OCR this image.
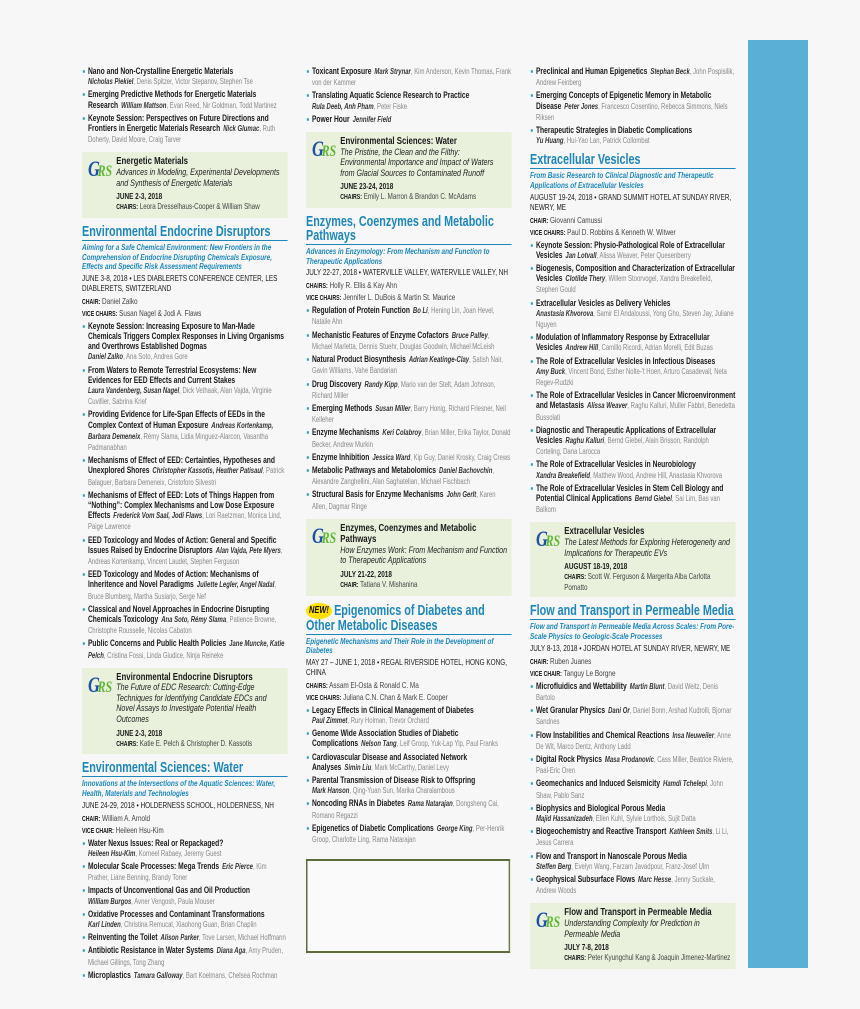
Nano and Non-Crystalline Energetic Materials
Nicholas Piekiel, Denis Spitzer, Victor Stepanov, Stephen Tse
Emerging Predictive Methods for Energetic Materials Research William Mattson, Evan Reed, Nir Goldman, Todd Martinez
Keynote Session: Perspectives on Future Directions and Frontiers in Energetic Materials Research Nick Glumac, Ruth Doherty, David Moore, Craig Tarver
GRS
Energetic Materials
Advances in Modeling, Experimental Developments and Synthesis of Energetic Materials
JUNE 2-3, 2018
CHAIRS: Leora Dresselhaus-Cooper & William Shaw
Environmental Endocrine Disruptors
Aiming for a Safe Chemical Environment: New Frontiers in the Comprehension of Endocrine Disrupting Chemicals Exposure, Effects and Specific Risk Assessment Requirements
JUNE 3-8, 2018 • LES DIABLERETS CONFERENCE CENTER, LES DIABLERETS, SWITZERLAND
CHAIR: Daniel Zalko
VICE CHAIRS: Susan Nagel & Jodi A. Flaws
Keynote Session: Increasing Exposure to Man-Made Chemicals Triggers Complex Responses in Living Organisms and Overthrows Established Dogmas
Daniel Zalko, Ana Soto, Andrea Gore
From Waters to Remote Terrestrial Ecosystems: New Evidences for EED Effects and Current Stakes
Laura Vandenberg, Susan Nagel, Dick Vethaak, Alan Vajda, Virginie Cuvillier, Sabrina Krief
Providing Evidence for Life-Span Effects of EEDs in the Complex Context of Human Exposure Andreas Kortenkamp, Barbara Demeneix, Rémy Slama, Lidia Minguez-Alarcon, Vasantha Padmanabhan
Mechanisms of Effect of EED: Certainties, Hypotheses and Unexplored Shores Christopher Kassotis, Heather Patisaul, Patrick Balaguer, Barbara Demeneix, Cristoforo Silvestri
Mechanisms of Effect of EED: Lots of Things Happen from “Nothing”: Complex Mechanisms and Low Dose Exposure Effects Frederick Vom Saal, Jodi Flaws, Lori Raetzman, Monica Lind, Paige Lawrence
EED Toxicology and Modes of Action: General and Specific Issues Raised by Endocrine Disruptors Alan Vajda, Pete Myers, Andreas Kortenkamp, Vincent Laudet, Stephen Ferguson
EED Toxicology and Modes of Action: Mechanisms of Inheritence and Novel Paradigms Juliette Legler, Angel Nadal, Bruce Blumberg, Martha Susiarjo, Serge Nef
Classical and Novel Approaches in Endocrine Disrupting Chemicals Toxicology Ana Soto, Rémy Slama, Patience Browne, Christophe Rousselle, Nicolas Cabaton
Public Concerns and Public Health Policies Jane Muncke, Katie Pelch, Cristina Fossi, Linda Giudice, Ninja Reineke
GRS
Environmental Endocrine Disruptors
The Future of EDC Research: Cutting-Edge Techniques for Identifying Candidate EDCs and Novel Assays to Investigate Potential Health Outcomes
JUNE 2-3, 2018
CHAIRS: Katie E. Pelch & Christopher D. Kassotis
Environmental Sciences: Water
Innovations at the Intersections of the Aquatic Sciences: Water, Health, Materials and Technologies
JUNE 24-29, 2018 • HOLDERNESS SCHOOL, HOLDERNESS, NH
CHAIR: William A. Arnold
VICE CHAIR: Heileen Hsu-Kim
Water Nexus Issues: Real or Repackaged?
Heileen Hsu-Kim, Korneel Rabaey, Jeremy Guest
Molecular Scale Processes: Mega Trends Eric Pierce, Kim Prather, Liane Benning, Brandy Toner
Impacts of Unconventional Gas and Oil Production
William Burgos, Avner Vengosh, Paula Mouser
Oxidative Processes and Contaminant Transformations
Karl Linden, Christina Remucal, Xiaohong Guan, Brian Chaplin
Reinventing the Toilet Alison Parker, Tove Larsen, Michael Hoffmann
Antibiotic Resistance in Water Systems Diana Aga, Amy Pruden, Michael Gillings, Tong Zhang
Microplastics Tamara Galloway, Bart Koelmans, Chelsea Rochman
Toxicant Exposure Mark Strynar, Kim Anderson, Kevin Thomas, Frank von der Kammer
Translating Aquatic Science Research to Practice
Rula Deeb, Anh Pham, Peter Fiske
Power Hour Jennifer Field
GRS
Environmental Sciences: Water
The Pristine, the Clean and the Filthy: Environmental Importance and Impact of Waters from Glacial Sources to Contaminated Runoff
JUNE 23-24, 2018
CHAIRS: Emily L. Marron & Brandon C. McAdams
Enzymes, Coenzymes and Metabolic Pathways
Advances in Enzymology: From Mechanism and Function to Therapeutic Applications
JULY 22-27, 2018 • WATERVILLE VALLEY, WATERVILLE VALLEY, NH
CHAIRS: Holly R. Ellis & Kay Ahn
VICE CHAIRS: Jennifer L. DuBois & Martin St. Maurice
Regulation of Protein Function Bo Li, Hening Lin, Joan Hevel, Natalie Ahn
Mechanistic Features of Enzyme Cofactors Bruce Palfey, Michael Marletta, Dennis Stuehr, Douglas Goodwin, Michael McLeish
Natural Product Biosynthesis Adrian Keatinge-Clay, Satish Nair, Gavin Williams, Vahe Bandarian
Drug Discovery Randy Kipp, Mario van der Stelt, Adam Johnson, Richard Miller
Emerging Methods Susan Miller, Barry Honig, Richard Friesner, Neil Kelleher
Enzyme Mechanisms Keri Colabroy, Brian Miller, Erika Taylor, Donald Becker, Andrew Murkin
Enzyme Inhibition Jessica Ward, Kip Guy, Daniel Krosky, Craig Crews
Metabolic Pathways and Metabolomics Daniel Bachovchin, Alexandre Zanghellini, Alan Saghatelian, Michael Fischbach
Structural Basis for Enzyme Mechanisms John Gerlt, Karen Allen, Dagmar Ringe
GRS
Enzymes, Coenzymes and Metabolic Pathways
How Enzymes Work: From Mechanism and Function to Therapeutic Applications
JULY 21-22, 2018
CHAIR: Tatiana V. Mishanina
NEW! Epigenomics of Diabetes and Other Metabolic Diseases
Epigenetic Mechanisms and Their Role in the Development of Diabetes
MAY 27 – JUNE 1, 2018 • REGAL RIVERSIDE HOTEL, HONG KONG, CHINA
CHAIRS: Assam El-Osta & Ronald C. Ma
VICE CHAIRS: Juliana C.N. Chan & Mark E. Cooper
Legacy Effects in Clinical Management of Diabetes
Paul Zimmet, Rury Holman, Trevor Orchard
Genome Wide Association Studies of Diabetic Complications Nelson Tang, Leif Groop, Yuk-Lap Yip, Paul Franks
Cardiovascular Disease and Associated Network Analyses Simin Liu, Mark McCarthy, Daniel Levy
Parental Transmission of Disease Risk to Offspring
Mark Hanson, Qing-Yuan Sun, Marika Charalambous
Noncoding RNAs in Diabetes Rama Natarajan, Dongsheng Cai, Romano Regazzi
Epigenetics of Diabetic Complications George King, Per-Henrik Groop, Charlotte Ling, Rama Natarajan
Preclinical and Human Epigenetics Stephan Beck, John Pospisilik, Andrew Feinberg
Emerging Concepts of Epigenetic Memory in Metabolic Disease Peter Jones, Francesco Cosentino, Rebecca Simmons, Niels Riksen
Therapeutic Strategies in Diabetic Complications
Yu Huang, Hui-Yao Lan, Patrick Collombat
Extracellular Vesicles
From Basic Research to Clinical Diagnostic and Therapeutic Applications of Extracellular Vesicles
AUGUST 19-24, 2018 • GRAND SUMMIT HOTEL AT SUNDAY RIVER, NEWRY, ME
CHAIR: Giovanni Camussi
VICE CHAIRS: Paul D. Robbins & Kenneth W. Witwer
Keynote Session: Physio-Pathological Role of Extracellular Vesicles Jan Lotvall, Alissa Weaver, Peter Quesenberry
Biogenesis, Composition and Characterization of Extracellular Vesicles Clotilde Thery, Willem Stoorvogel, Xandra Breakefield, Stephen Gould
Extracellular Vesicles as Delivery Vehicles
Anastasia Khvorova, Samir El Andaloussi, Yong Gho, Steven Jay, Juliane Nguyen
Modulation of Inflammatory Response by Extracellular Vesicles Andrew Hill, Camillo Ricordi, Adrian Morelli, Edit Buzas
The Role of Extracellular Vesicles in Infectious Diseases
Amy Buck, Vincent Bond, Esther Nolte-'t Hoen, Arturo Casadevall, Neta Regev-Rudzki
The Role of Extracellular Vesicles in Cancer Microenvironment and Metastasis Alissa Weaver, Raghu Kalluri, Muller Fabbri, Benedetta Bussolati
Diagnostic and Therapeutic Applications of Extracellular Vesicles Raghu Kalluri, Bernd Giebel, Alain Brisson, Randolph Corteling, Dana Larocca
The Role of Extracellular Vesicles in Neurobiology
Xandra Breakefield, Matthew Wood, Andrew Hill, Anastasia Khvorova
The Role of Extracellular Vesicles in Stem Cell Biology and Potential Clinical Applications Bernd Giebel, Sai Lim, Bas van Balkom
GRS
Extracellular Vesicles
The Latest Methods for Exploring Heterogeneity and Implications for Therapeutic EVs
AUGUST 18-19, 2018
CHAIRS: Scott W. Ferguson & Margerita Alba Carlotta Pomatto
Flow and Transport in Permeable Media
Flow and Transport in Permeable Media Across Scales: From Pore-Scale Physics to Geologic-Scale Processes
JULY 8-13, 2018 • JORDAN HOTEL AT SUNDAY RIVER, NEWRY, ME
CHAIR: Ruben Juanes
VICE CHAIR: Tanguy Le Borgne
Microfluidics and Wettability Martin Blunt, David Weitz, Denis Bartolo
Wet Granular Physics Dani Or, Daniel Bonn, Arshad Kudrolli, Bjornar Sandnes
Flow Instabilities and Chemical Reactions Insa Neuweiler, Anne De Wit, Marco Dentz, Anthony Ladd
Digital Rock Physics Masa Prodanovic, Cass Miller, Beatrice Riviere, Paal-Eric Oren
Geomechanics and Induced Seismicity Hamdi Tchelepi, John Shaw, Pablo Sanz
Biophysics and Biological Porous Media
Majid Hassanizadeh, Ellen Kuhl, Sylvie Lorthois, Sujit Datta
Biogeochemistry and Reactive Transport Kathleen Smits, Li Li, Jesus Carrera
Flow and Transport in Nanoscale Porous Media
Steffen Berg, Evelyn Wang, Farzam Javadpour, Franz-Josef Ulm
Geophysical Subsurface Flows Marc Hesse, Jenny Suckale, Andrew Woods
GRS
Flow and Transport in Permeable Media
Understanding Complexity for Prediction in Permeable Media
JULY 7-8, 2018
CHAIRS: Peter Kyungchul Kang & Joaquin Jimenez-Martinez
